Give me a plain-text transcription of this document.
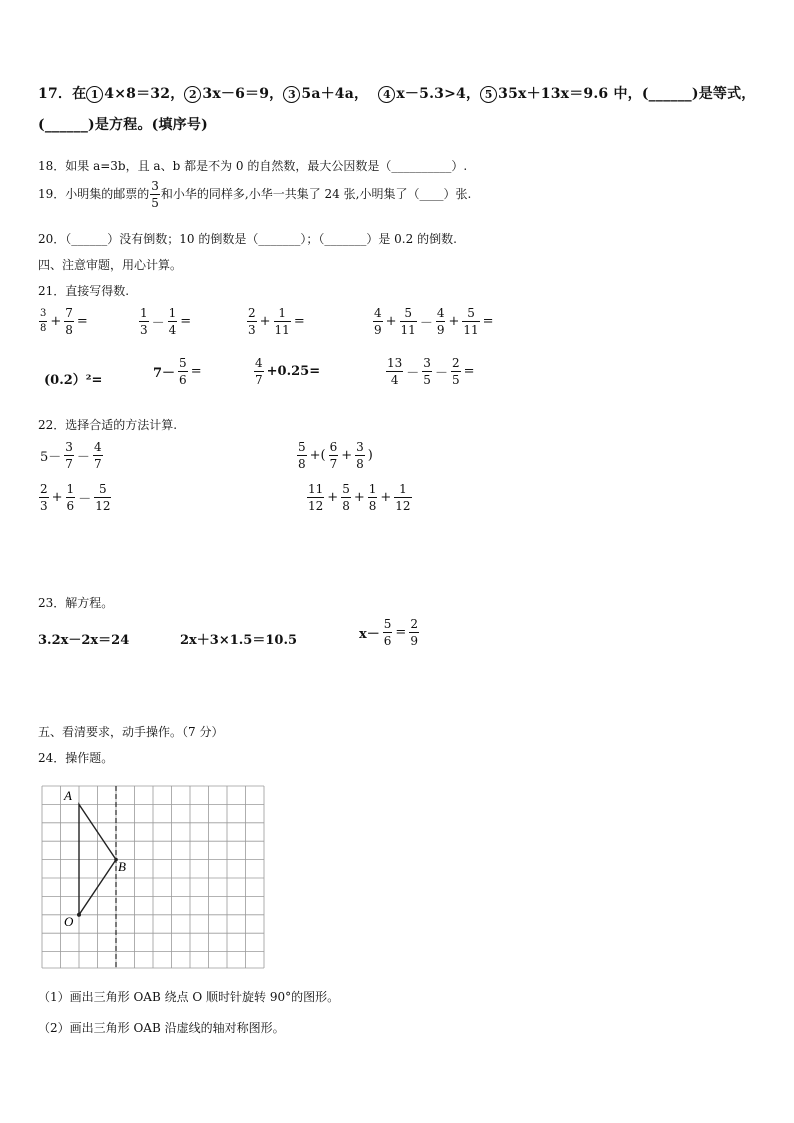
17．在 1 4×8＝32， 2 3x－6＝9， 3 5a＋4a， 4 x－5.3>4， 5 35x＋13x＝9.6 中，(______)是等式，
(______)是方程。(填序号)
18．如果 a=3b，且 a、b 都是不为 0 的自然数，最大公因数是（__________）.
19．小明集的邮票的 $\frac{3}{5}$ 和小华的同样多,小华一共集了 24 张,小明集了（____）张.
20．（______）没有倒数；10 的倒数是（_______）；（_______）是 0.2 的倒数.
四、注意审题，用心计算。
21．直接写得数.
$\frac{3}{8} + \frac{7}{8}$ =	$\frac{1}{3} - \frac{1}{4}$ =	$\frac{2}{3} + \frac{1}{11}$ =	$\frac{4}{9} + \frac{5}{11} - \frac{4}{9} + \frac{5}{11}$ =
(0.2）²=	$7- \frac{5}{6}$ =	$\frac{4}{7} +0.25=$	$\frac{13}{4} - \frac{3}{5} - \frac{2}{5}$ =
22．选择合适的方法计算.
$5- \frac{3}{7} - \frac{4}{7}$	$\frac{5}{8}$ +( $\frac{6}{7} + \frac{3}{8}$ )
$\frac{2}{3} + \frac{1}{6} - \frac{5}{12}$	$\frac{11}{12} + \frac{5}{8} + \frac{1}{8} + \frac{1}{12}$
23．解方程。
3.2x－2x＝24	2x＋3×1.5＝10.5	$x- \frac{5}{6} = \frac{2}{9}$
五、看清要求，动手操作。（7 分）
24．操作题。
A
B
O
（1）画出三角形 OAB 绕点 O 顺时针旋转 90°的图形。
（2）画出三角形 OAB 沿虚线的轴对称图形。
